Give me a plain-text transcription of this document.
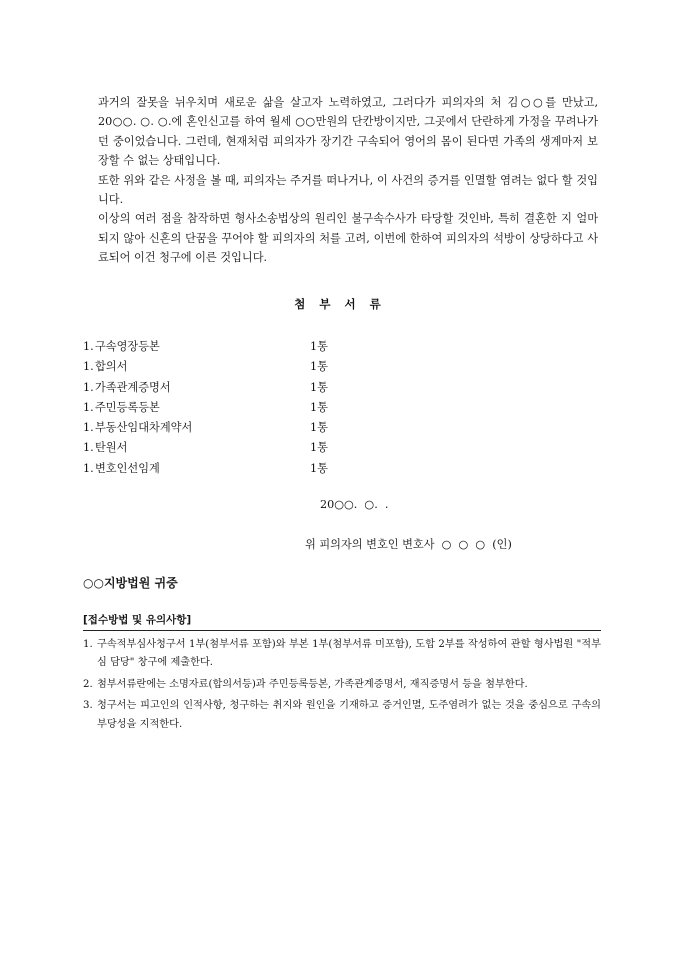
과거의 잘못을 뉘우치며 새로운 삶을 살고자 노력하였고, 그러다가 피의자의 처 김○○를 만났고, 20○○. ○. ○.에 혼인신고를 하여 월세 ○○만원의 단칸방이지만, 그곳에서 단란하게 가정을 꾸려나가던 중이었습니다. 그런데, 현재처럼 피의자가 장기간 구속되어 영어의 몸이 된다면 가족의 생계마저 보장할 수 없는 상태입니다.

또한 위와 같은 사정을 볼 때, 피의자는 주거를 떠나거나, 이 사건의 증거를 인멸할 염려는 없다 할 것입니다.

이상의 여러 점을 참작하면 형사소송법상의 원리인 불구속수사가 타당할 것인바, 특히 결혼한 지 얼마 되지 않아 신혼의 단꿈을 꾸어야 할 피의자의 처를 고려, 이번에 한하여 피의자의 석방이 상당하다고 사료되어 이건 청구에 이른 것입니다.

첨 부 서 류
1. 구속영장등본	1통
1. 합의서	1통
1. 가족관계증명서	1통
1. 주민등록등본	1통
1. 부동산임대차계약서	1통
1. 탄원서	1통
1. 변호인선임계	1통
20○○.  ○.  .
위 피의자의 변호인 변호사  ○  ○  ○  (인)
○○지방법원 귀중
[접수방법 및 유의사항]
1. 구속적부심사청구서 1부(첨부서류 포함)와 부본 1부(첨부서류 미포함), 도합 2부를 작성하여 관할 형사법원 "적부심 담당" 창구에 제출한다.
2. 첨부서류란에는 소명자료(합의서등)과 주민등록등본, 가족관계증명서, 재직증명서 등을 첨부한다.
3. 청구서는 피고인의 인적사항, 청구하는 취지와 원인을 기재하고 증거인멸, 도주염려가 없는 것을 중심으로 구속의 부당성을 지적한다.
